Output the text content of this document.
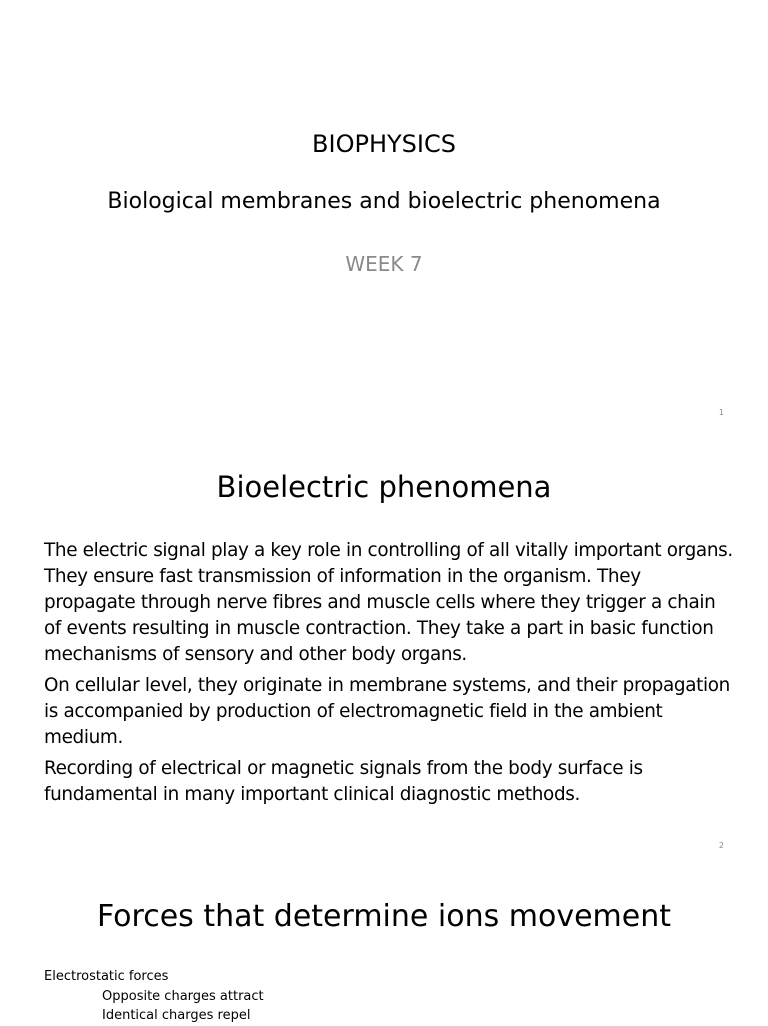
BIOPHYSICS
Biological membranes and bioelectric phenomena
WEEK 7
1
Bioelectric phenomena

The electric signal play a key role in controlling of all vitally important organs. They ensure fast transmission of information in the organism. They propagate through nerve fibres and muscle cells where they trigger a chain of events resulting in muscle contraction. They take a part in basic function mechanisms of sensory and other body organs.

On cellular level, they originate in membrane systems, and their propagation is accompanied by production of electromagnetic field in the ambient medium.

Recording of electrical or magnetic signals from the body surface is fundamental in many important clinical diagnostic methods.

2
Forces that determine ions movement
Electrostatic forces
Opposite charges attract
Identical charges repel
